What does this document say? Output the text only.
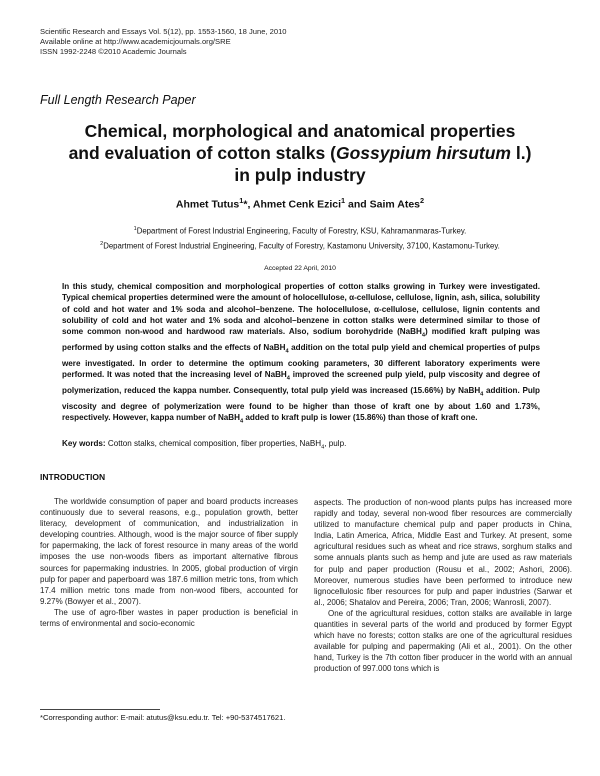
Scientific Research and Essays Vol. 5(12), pp. 1553-1560, 18 June, 2010
Available online at http://www.academicjournals.org/SRE
ISSN 1992-2248 ©2010 Academic Journals
Full Length Research Paper
Chemical, morphological and anatomical properties
and evaluation of cotton stalks (Gossypium hirsutum l.)
in pulp industry
Ahmet Tutus$^1$*, Ahmet Cenk Ezici$^1$ and Saim Ates$^2$
$^1$Department of Forest Industrial Engineering, Faculty of Forestry, KSU, Kahramanmaras-Turkey.
$^2$Department of Forest Industrial Engineering, Faculty of Forestry, Kastamonu University, 37100, Kastamonu-Turkey.
Accepted 22 April, 2010
In this study, chemical composition and morphological properties of cotton stalks growing in Turkey were investigated. Typical chemical properties determined were the amount of holocellulose, α-cellulose, cellulose, lignin, ash, silica, solubility of cold and hot water and 1% soda and alcohol–benzene. The holocellulose, α-cellulose, cellulose, lignin contents and solubility of cold and hot water and 1% soda and alcohol–benzene in cotton stalks were determined similar to those of some common non-wood and hardwood raw materials. Also, sodium borohydride (NaBH$_4$) modified kraft pulping was performed by using cotton stalks and the effects of NaBH$_4$ addition on the total pulp yield and chemical properties of pulps were investigated. In order to determine the optimum cooking parameters, 30 different laboratory experiments were performed. It was noted that the increasing level of NaBH$_4$ improved the screened pulp yield, pulp viscosity and degree of polymerization, reduced the kappa number. Consequently, total pulp yield was increased (15.66%) by NaBH$_4$ addition. Pulp viscosity and degree of polymerization were found to be higher than those of kraft one by about 1.60 and 1.73%, respectively. However, kappa number of NaBH$_4$ added to kraft pulp is lower (15.86%) than those of kraft one.
Key words: Cotton stalks, chemical composition, fiber properties, NaBH$_4$, pulp.
INTRODUCTION

The worldwide consumption of paper and board products increases continuously due to several reasons, e.g., population growth, better literacy, development of communication, and industrialization in developing countries. Although, wood is the major source of fiber supply for papermaking, the lack of forest resource in many areas of the world imposes the use non-woods fibers as important alternative fibrous sources for papermaking industries. In 2005, global production of virgin pulp for paper and paperboard was 187.6 million metric tons, from which 17.4 million metric tons made from non-wood fibers, accounted for 9.27% (Bowyer et al., 2007).

The use of agro-fiber wastes in paper production is beneficial in terms of environmental and socio-economic

aspects. The production of non-wood plants pulps has increased more rapidly and today, several non-wood fiber resources are commercially utilized to manufacture chemical pulp and paper products in China, India, Latin America, Africa, Middle East and Turkey. At present, some agricultural residues such as wheat and rice straws, sorghum stalks and some annuals plants such as hemp and jute are used as raw materials for pulp and paper production (Rousu et al., 2002; Ashori, 2006). Moreover, numerous studies have been performed to introduce new lignocellulosic fiber resources for pulp and paper industries (Sarwar et al., 2006; Shatalov and Pereira, 2006; Tran, 2006; Wanrosli, 2007).

One of the agricultural residues, cotton stalks are available in large quantities in several parts of the world and produced by former Egypt which have no forests; cotton stalks are one of the agricultural residues available for pulping and papermaking (Ali et al., 2001). On the other hand, Turkey is the 7th cotton fiber producer in the world with an annual production of 997.000 tons which is

*Corresponding author: E-mail: atutus@ksu.edu.tr. Tel: +90-5374517621.
